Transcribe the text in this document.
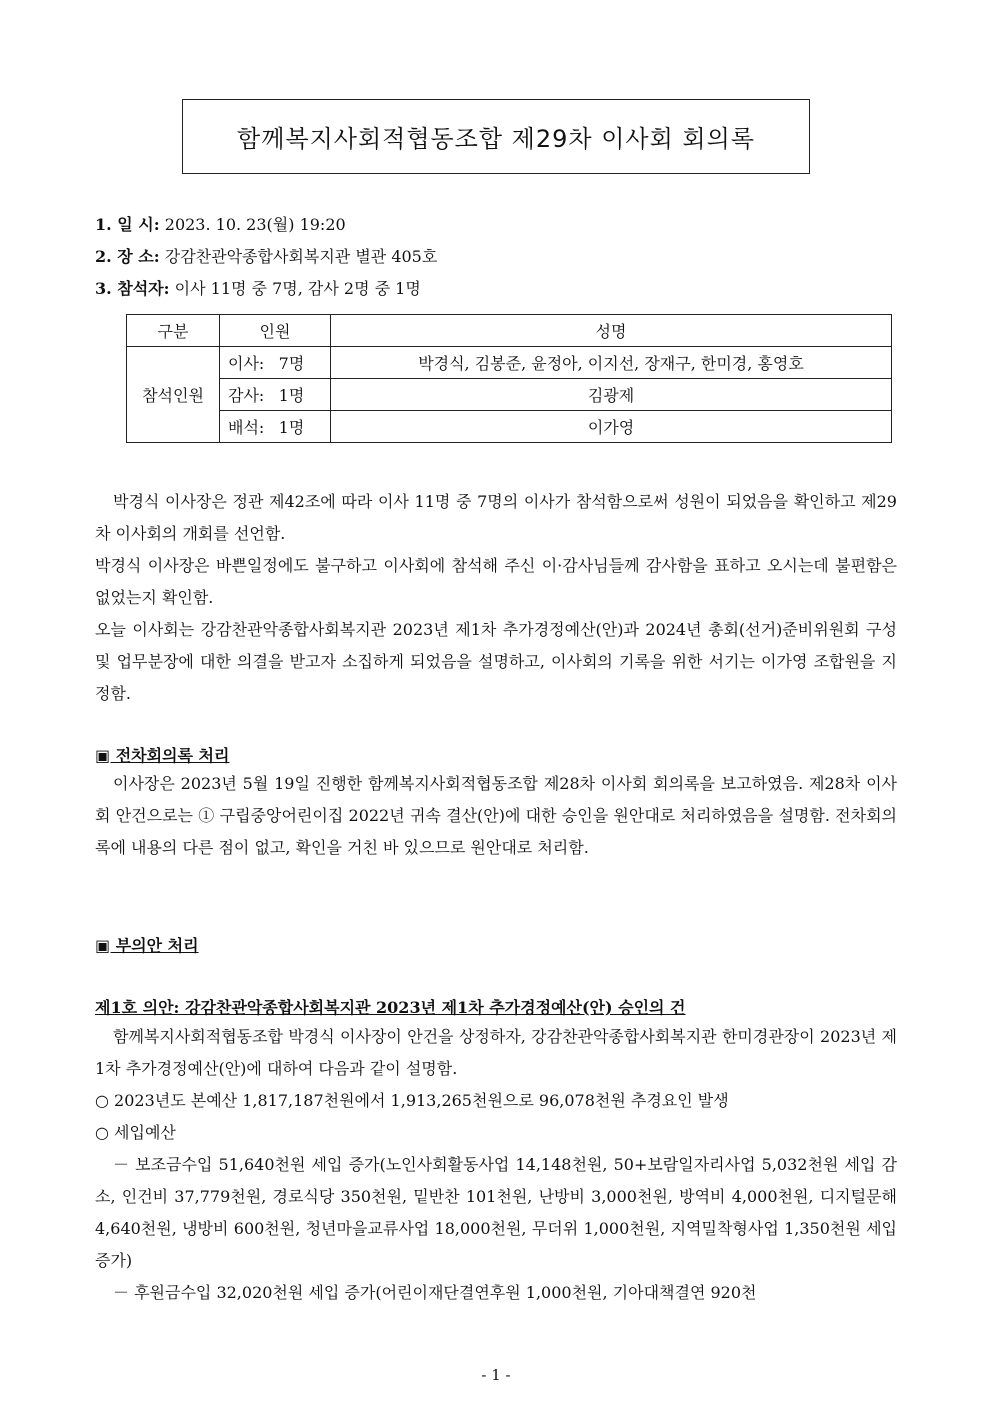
함께복지사회적협동조합 제29차 이사회 회의록
1. 일 시: 2023. 10. 23(월) 19:20
2. 장 소: 강감찬관악종합사회복지관 별관 405호
3. 참석자: 이사 11명 중 7명, 감사 2명 중 1명
구분	인원	성명
참석인원	이사: 7명	박경식, 김봉준, 윤정아, 이지선, 장재구, 한미경, 홍영호
	감사: 1명	김광제
	배석: 1명	이가영

박경식 이사장은 정관 제42조에 따라 이사 11명 중 7명의 이사가 참석함으로써 성원이 되었음을 확인하고 제29차 이사회의 개회를 선언함.

박경식 이사장은 바쁜일정에도 불구하고 이사회에 참석해 주신 이·감사님들께 감사함을 표하고 오시는데 불편함은 없었는지 확인함.

오늘 이사회는 강감찬관악종합사회복지관 2023년 제1차 추가경정예산(안)과 2024년 총회(선거)준비위원회 구성 및 업무분장에 대한 의결을 받고자 소집하게 되었음을 설명하고, 이사회의 기록을 위한 서기는 이가영 조합원을 지정함.

▣ 전차회의록 처리

이사장은 2023년 5월 19일 진행한 함께복지사회적협동조합 제28차 이사회 회의록을 보고하였음. 제28차 이사회 안건으로는 ① 구립중앙어린이집 2022년 귀속 결산(안)에 대한 승인을 원안대로 처리하였음을 설명함. 전차회의록에 내용의 다른 점이 없고, 확인을 거친 바 있으므로 원안대로 처리함.

▣ 부의안 처리
제1호 의안: 강감찬관악종합사회복지관 2023년 제1차 추가경정예산(안) 승인의 건

함께복지사회적협동조합 박경식 이사장이 안건을 상정하자, 강감찬관악종합사회복지관 한미경관장이 2023년 제1차 추가경정예산(안)에 대하여 다음과 같이 설명함.

○ 2023년도 본예산 1,817,187천원에서 1,913,265천원으로 96,078천원 추경요인 발생

○ 세입예산

－ 보조금수입 51,640천원 세입 증가(노인사회활동사업 14,148천원, 50+보람일자리사업 5,032천원 세입 감소, 인건비 37,779천원, 경로식당 350천원, 밑반찬 101천원, 난방비 3,000천원, 방역비 4,000천원, 디지털문해 4,640천원, 냉방비 600천원, 청년마을교류사업 18,000천원, 무더위 1,000천원, 지역밀착형사업 1,350천원 세입 증가)

－ 후원금수입 32,020천원 세입 증가(어린이재단결연후원 1,000천원, 기아대책결연 920천

- 1 -
